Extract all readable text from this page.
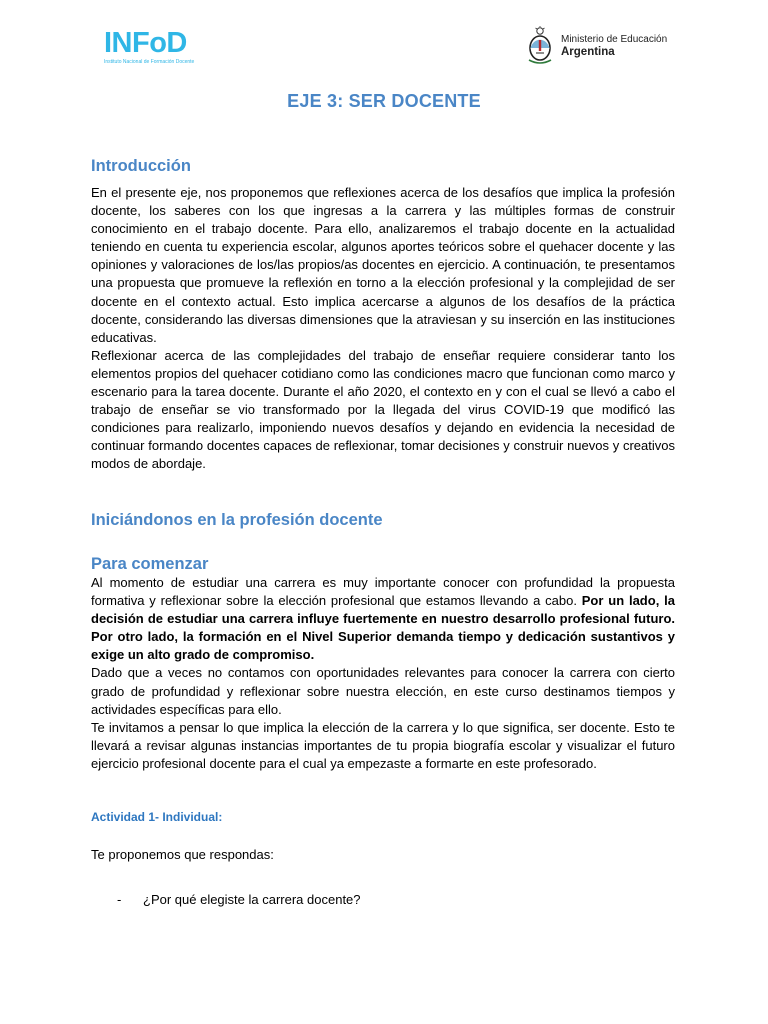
INFoD
Instituto Nacional de Formación Docente
Ministerio de Educación
Argentina
EJE 3: SER DOCENTE
Introducción

En el presente eje, nos proponemos que reflexiones acerca de los desafíos que implica la profesión docente, los saberes con los que ingresas a la carrera y las múltiples formas de construir conocimiento en el trabajo docente. Para ello, analizaremos el trabajo docente en la actualidad teniendo en cuenta tu experiencia escolar, algunos aportes teóricos sobre el quehacer docente y las opiniones y valoraciones de los/las propios/as docentes en ejercicio. A continuación, te presentamos una propuesta que promueve la reflexión en torno a la elección profesional y la complejidad de ser docente en el contexto actual. Esto implica acercarse a algunos de los desafíos de la práctica docente, considerando las diversas dimensiones que la atraviesan y su inserción en las instituciones educativas.

Reflexionar acerca de las complejidades del trabajo de enseñar requiere considerar tanto los elementos propios del quehacer cotidiano como las condiciones macro que funcionan como marco y escenario para la tarea docente. Durante el año 2020, el contexto en y con el cual se llevó a cabo el trabajo de enseñar se vio transformado por la llegada del virus COVID-19 que modificó las condiciones para realizarlo, imponiendo nuevos desafíos y dejando en evidencia la necesidad de continuar formando docentes capaces de reflexionar, tomar decisiones y construir nuevos y creativos modos de abordaje.

Iniciándonos en la profesión docente
Para comenzar

Al momento de estudiar una carrera es muy importante conocer con profundidad la propuesta formativa y reflexionar sobre la elección profesional que estamos llevando a cabo. Por un lado, la decisión de estudiar una carrera influye fuertemente en nuestro desarrollo profesional futuro. Por otro lado, la formación en el Nivel Superior demanda tiempo y dedicación sustantivos y exige un alto grado de compromiso.

Dado que a veces no contamos con oportunidades relevantes para conocer la carrera con cierto grado de profundidad y reflexionar sobre nuestra elección, en este curso destinamos tiempos y actividades específicas para ello.

Te invitamos a pensar lo que implica la elección de la carrera y lo que significa, ser docente. Esto te llevará a revisar algunas instancias importantes de tu propia biografía escolar y visualizar el futuro ejercicio profesional docente para el cual ya empezaste a formarte en este profesorado.

Actividad 1- Individual:
Te proponemos que respondas:
-	¿Por qué elegiste la carrera docente?
